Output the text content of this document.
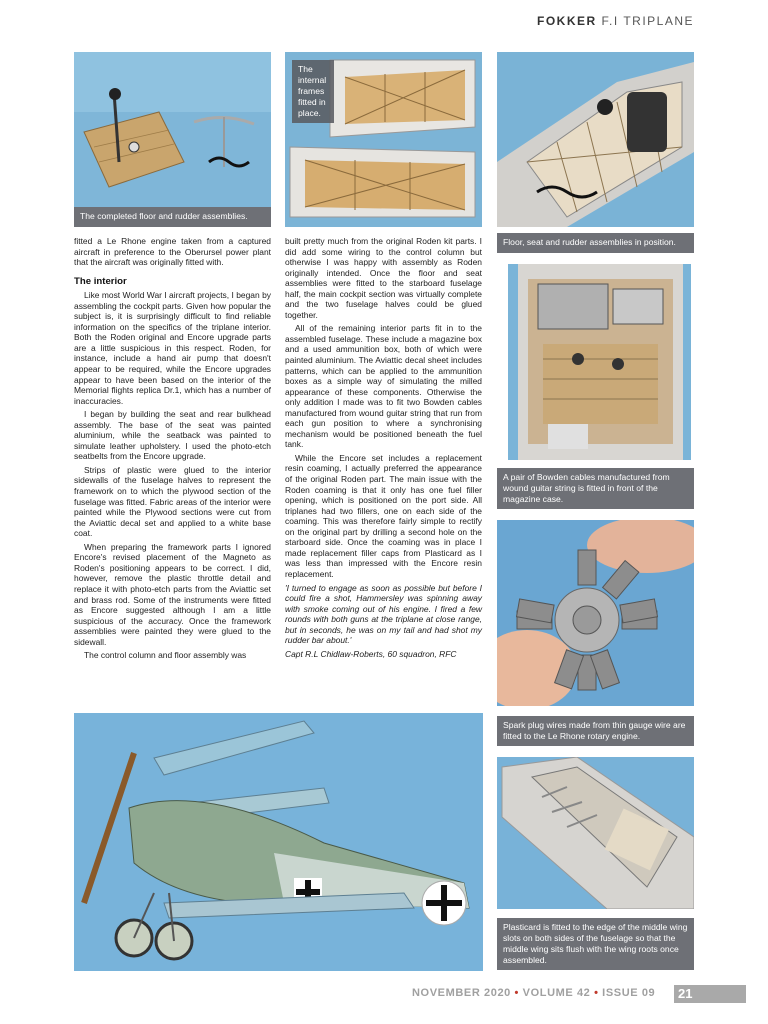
FOKKER F.I TRIPLANE
The completed floor and rudder assemblies.
The internal frames fitted in place.
Floor, seat and rudder assemblies in position.
A pair of Bowden cables manufactured from wound guitar string is fitted in front of the magazine case.
Spark plug wires made from thin gauge wire are fitted to the Le Rhone rotary engine.
Plasticard is fitted to the edge of the middle wing slots on both sides of the fuselage so that the middle wing sits flush with the wing roots once assembled.

fitted a Le Rhone engine taken from a captured aircraft in preference to the Oberursel power plant that the aircraft was originally fitted with.

The interior

Like most World War I aircraft projects, I began by assembling the cockpit parts. Given how popular the subject is, it is surprisingly difficult to find reliable information on the specifics of the triplane interior. Both the Roden original and Encore upgrade parts are a little suspicious in this respect. Roden, for instance, include a hand air pump that doesn't appear to be required, while the Encore upgrades appear to have been based on the interior of the Memorial flights replica Dr.1, which has a number of inaccuracies.

I began by building the seat and rear bulkhead assembly. The base of the seat was painted aluminium, while the seatback was painted to simulate leather upholstery. I used the photo-etch seatbelts from the Encore upgrade.

Strips of plastic were glued to the interior sidewalls of the fuselage halves to represent the framework on to which the plywood section of the fuselage was fitted. Fabric areas of the interior were painted while the Plywood sections were cut from the Aviattic decal set and applied to a white base coat.

When preparing the framework parts I ignored Encore's revised placement of the Magneto as Roden's positioning appears to be correct. I did, however, remove the plastic throttle detail and replace it with photo-etch parts from the Aviattic set and brass rod. Some of the instruments were fitted as Encore suggested although I am a little suspicious of the accuracy. Once the framework assemblies were painted they were glued to the sidewall.

The control column and floor assembly was

built pretty much from the original Roden kit parts. I did add some wiring to the control column but otherwise I was happy with assembly as Roden originally intended. Once the floor and seat assemblies were fitted to the starboard fuselage half, the main cockpit section was virtually complete and the two fuselage halves could be glued together.

All of the remaining interior parts fit in to the assembled fuselage. These include a magazine box and a used ammunition box, both of which were painted aluminium. The Aviattic decal sheet includes patterns, which can be applied to the ammunition boxes as a simple way of simulating the milled appearance of these components. Otherwise the only addition I made was to fit two Bowden cables manufactured from wound guitar string that run from each gun position to where a synchronising mechanism would be positioned beneath the fuel tank.

While the Encore set includes a replacement resin coaming, I actually preferred the appearance of the original Roden part. The main issue with the Roden coaming is that it only has one fuel filler opening, which is positioned on the port side. All triplanes had two fillers, one on each side of the coaming. This was therefore fairly simple to rectify on the original part by drilling a second hole on the starboard side. Once the coaming was in place I made replacement filler caps from Plasticard as I was less than impressed with the Encore resin replacement.

'I turned to engage as soon as possible but before I could fire a shot, Hammersley was spinning away with smoke coming out of his engine. I fired a few rounds with both guns at the triplane at close range, but in seconds, he was on my tail and had shot my rudder bar about.'

Capt R.L Chidlaw-Roberts, 60 squadron, RFC

NOVEMBER 2020 • VOLUME 42 • ISSUE 09 21
